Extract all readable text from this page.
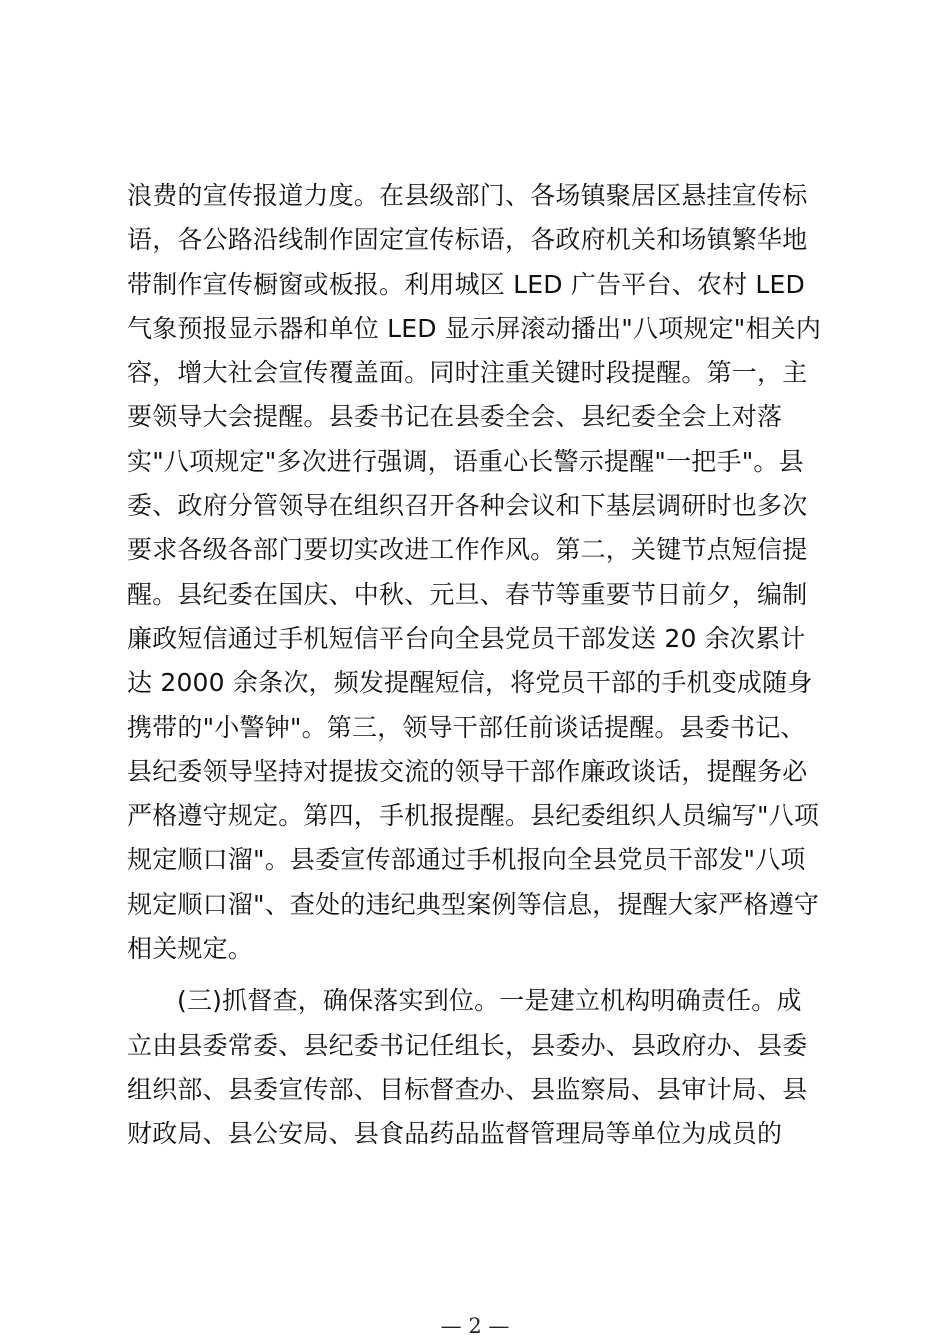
浪费的宣传报道力度。在县级部门、各场镇聚居区悬挂宣传标
语，各公路沿线制作固定宣传标语，各政府机关和场镇繁华地
带制作宣传橱窗或板报。利用城区 LED 广告平台、农村 LED
气象预报显示器和单位 LED 显示屏滚动播出"八项规定"相关内
容，增大社会宣传覆盖面。同时注重关键时段提醒。第一，主
要领导大会提醒。县委书记在县委全会、县纪委全会上对落
实"八项规定"多次进行强调，语重心长警示提醒"一把手"。县
委、政府分管领导在组织召开各种会议和下基层调研时也多次
要求各级各部门要切实改进工作作风。第二，关键节点短信提
醒。县纪委在国庆、中秋、元旦、春节等重要节日前夕，编制
廉政短信通过手机短信平台向全县党员干部发送 20 余次累计
达 2000 余条次，频发提醒短信，将党员干部的手机变成随身
携带的"小警钟"。第三，领导干部任前谈话提醒。县委书记、
县纪委领导坚持对提拔交流的领导干部作廉政谈话，提醒务必
严格遵守规定。第四，手机报提醒。县纪委组织人员编写"八项
规定顺口溜"。县委宣传部通过手机报向全县党员干部发"八项
规定顺口溜"、查处的违纪典型案例等信息，提醒大家严格遵守
相关规定。
(三)抓督查，确保落实到位。一是建立机构明确责任。成
立由县委常委、县纪委书记任组长，县委办、县政府办、县委
组织部、县委宣传部、目标督查办、县监察局、县审计局、县
财政局、县公安局、县食品药品监督管理局等单位为成员的
— 2 —
